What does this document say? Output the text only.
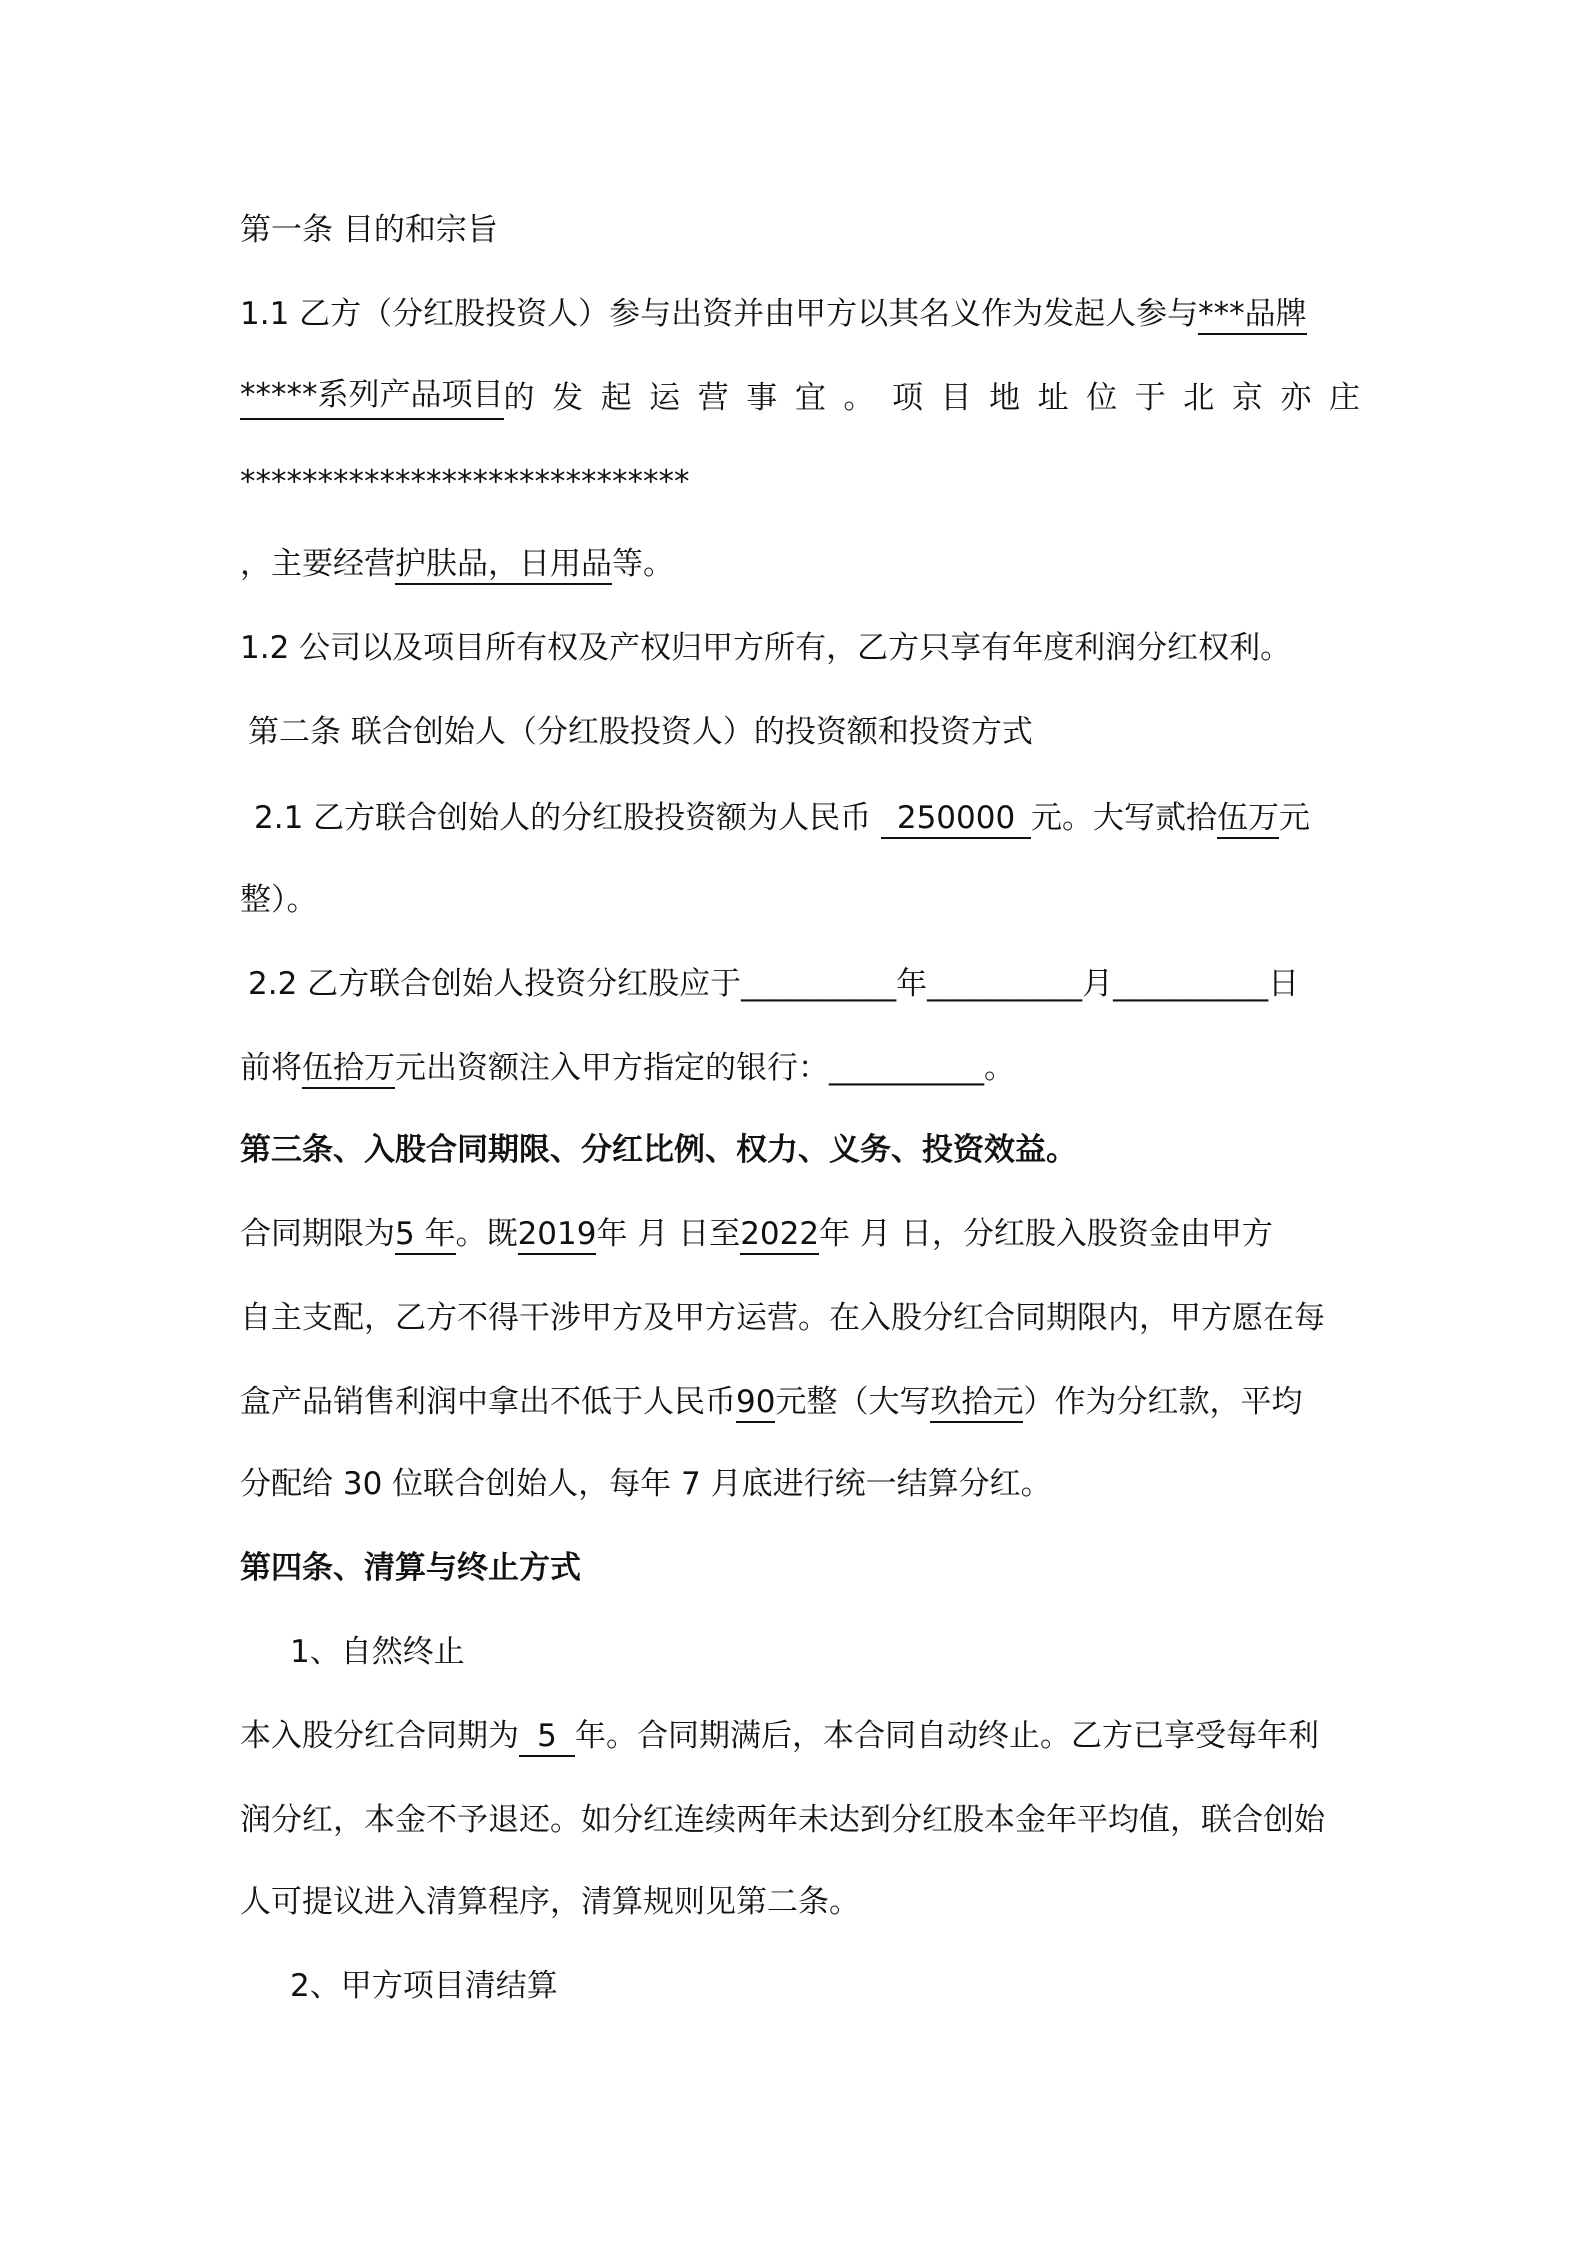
第一条 目的和宗旨
1.1 乙方（分红股投资人）参与出资并由甲方以其名义作为发起人参与***品牌
*****系列产品项目 的 发 起 运 营 事 宜 。 项 目 地 址 位 于 北 京 亦 庄
*****************************
，主要经营护肤品，日用品等。
1.2 公司以及项目所有权及产权归甲方所有，乙方只享有年度利润分红权利。
第二条 联合创始人（分红股投资人）的投资额和投资方式
2.1 乙方联合创始人的分红股投资额为人民币 250000 元。大写贰拾伍万元
整）。
2.2 乙方联合创始人投资分红股应于__________年__________月__________日
前将伍拾万元出资额注入甲方指定的银行：__________。
第三条、入股合同期限、分红比例、权力、义务、投资效益。
合同期限为5 年。既2019年 月 日至2022年 月 日，分红股入股资金由甲方
自主支配，乙方不得干涉甲方及甲方运营。在入股分红合同期限内，甲方愿在每
盒产品销售利润中拿出不低于人民币90元整（大写玖拾元）作为分红款，平均
分配给 30 位联合创始人，每年 7 月底进行统一结算分红。
第四条、清算与终止方式
1、自然终止
本入股分红合同期为 5 年。合同期满后，本合同自动终止。乙方已享受每年利
润分红，本金不予退还。如分红连续两年未达到分红股本金年平均值，联合创始
人可提议进入清算程序，清算规则见第二条。
2、甲方项目清结算
